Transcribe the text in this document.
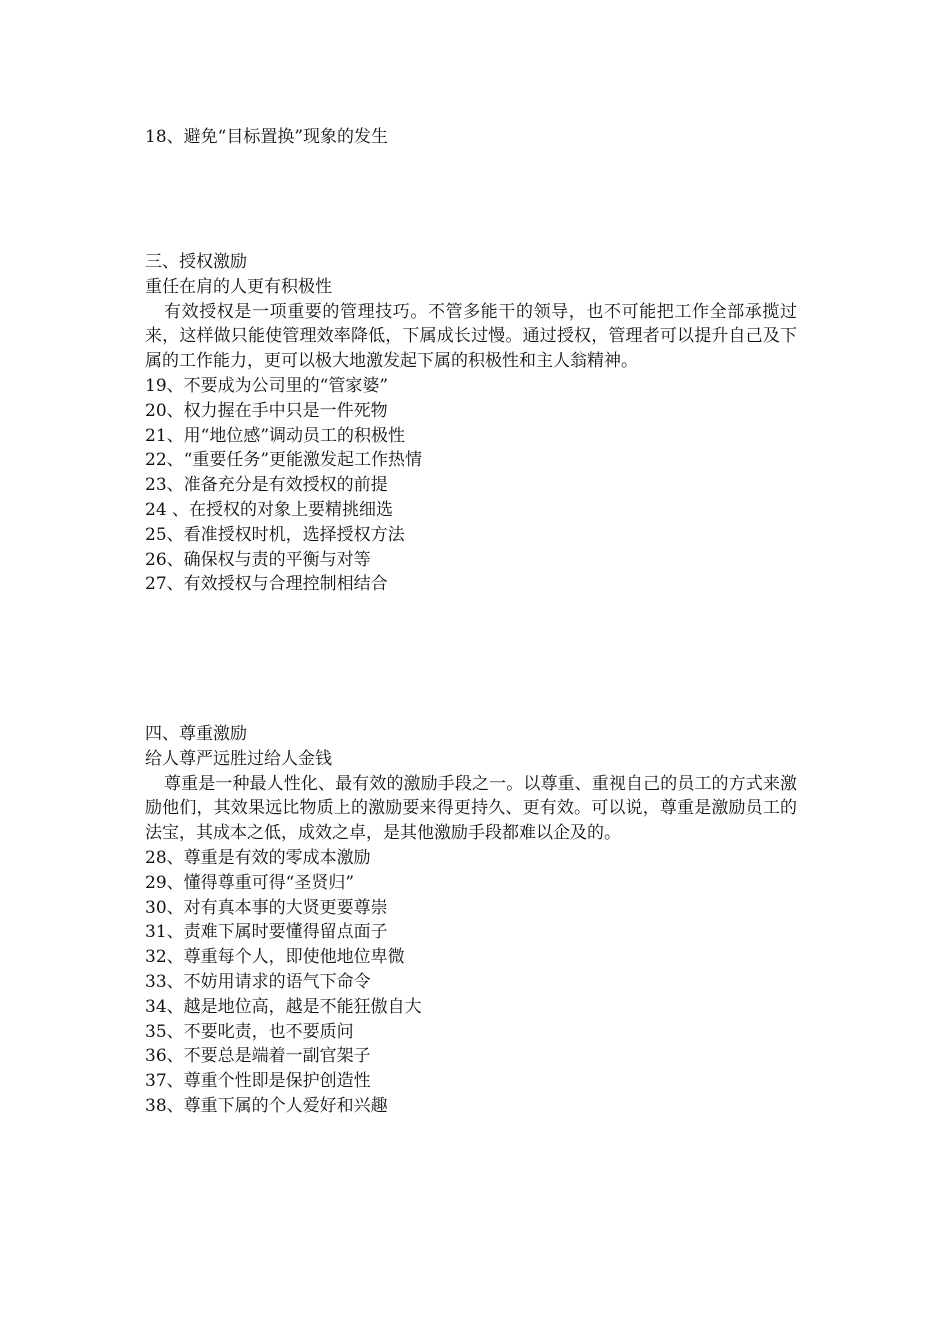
18、避免“目标置换”现象的发生
三、授权激励
重任在肩的人更有积极性
有效授权是一项重要的管理技巧。不管多能干的领导，也不可能把工作全部承揽过来，这样做只能使管理效率降低，下属成长过慢。通过授权，管理者可以提升自己及下属的工作能力，更可以极大地激发起下属的积极性和主人翁精神。
19、不要成为公司里的“管家婆”
20、权力握在手中只是一件死物
21、用“地位感”调动员工的积极性
22、“重要任务”更能激发起工作热情
23、准备充分是有效授权的前提
24 、在授权的对象上要精挑细选
25、看准授权时机，选择授权方法
26、确保权与责的平衡与对等
27、有效授权与合理控制相结合
四、尊重激励
给人尊严远胜过给人金钱
尊重是一种最人性化、最有效的激励手段之一。以尊重、重视自己的员工的方式来激励他们，其效果远比物质上的激励要来得更持久、更有效。可以说，尊重是激励员工的法宝，其成本之低，成效之卓，是其他激励手段都难以企及的。
28、尊重是有效的零成本激励
29、懂得尊重可得“圣贤归”
30、对有真本事的大贤更要尊崇
31、责难下属时要懂得留点面子
32、尊重每个人，即使他地位卑微
33、不妨用请求的语气下命令
34、越是地位高，越是不能狂傲自大
35、不要叱责，也不要质问
36、不要总是端着一副官架子
37、尊重个性即是保护创造性
38、尊重下属的个人爱好和兴趣
